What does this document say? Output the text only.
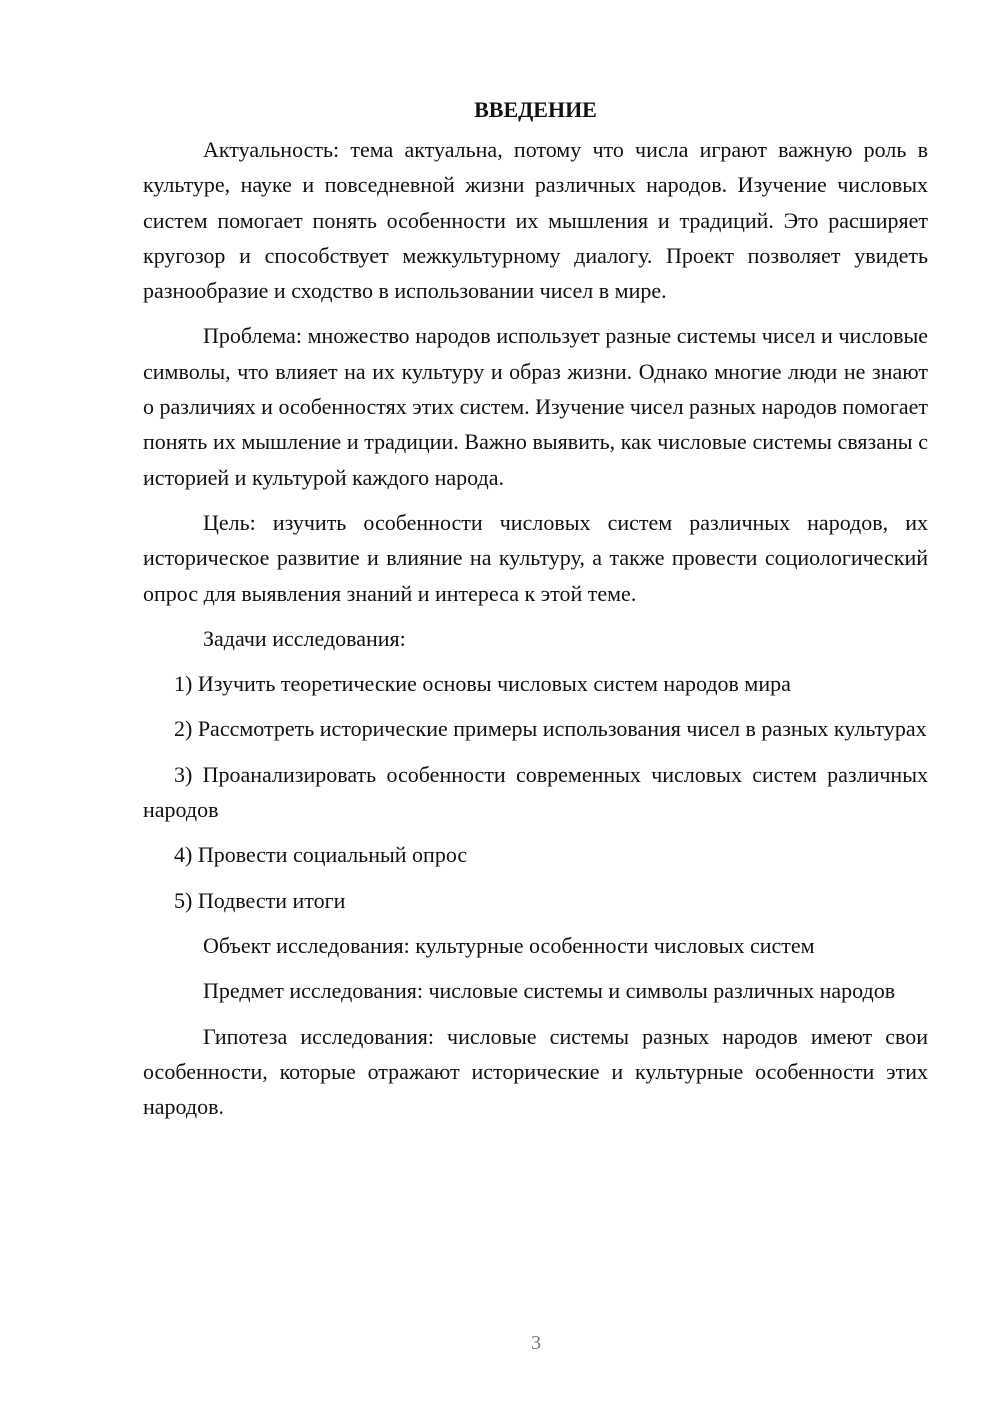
ВВЕДЕНИЕ

Актуальность: тема актуальна, потому что числа играют важную роль в культуре, науке и повседневной жизни различных народов. Изучение числовых систем помогает понять особенности их мышления и традиций. Это расширяет кругозор и способствует межкультурному диалогу. Проект позволяет увидеть разнообразие и сходство в использовании чисел в мире.

Проблема: множество народов использует разные системы чисел и числовые символы, что влияет на их культуру и образ жизни. Однако многие люди не знают о различиях и особенностях этих систем. Изучение чисел разных народов помогает понять их мышление и традиции. Важно выявить, как числовые системы связаны с историей и культурой каждого народа.

Цель: изучить особенности числовых систем различных народов, их историческое развитие и влияние на культуру, а также провести социологический опрос для выявления знаний и интереса к этой теме.

Задачи исследования:

1) Изучить теоретические основы числовых систем народов мира

2) Рассмотреть исторические примеры использования чисел в разных культурах

3) Проанализировать особенности современных числовых систем различных народов

4) Провести социальный опрос

5) Подвести итоги

Объект исследования: культурные особенности числовых систем

Предмет исследования: числовые системы и символы различных народов

Гипотеза исследования: числовые системы разных народов имеют свои особенности, которые отражают исторические и культурные особенности этих народов.

3
